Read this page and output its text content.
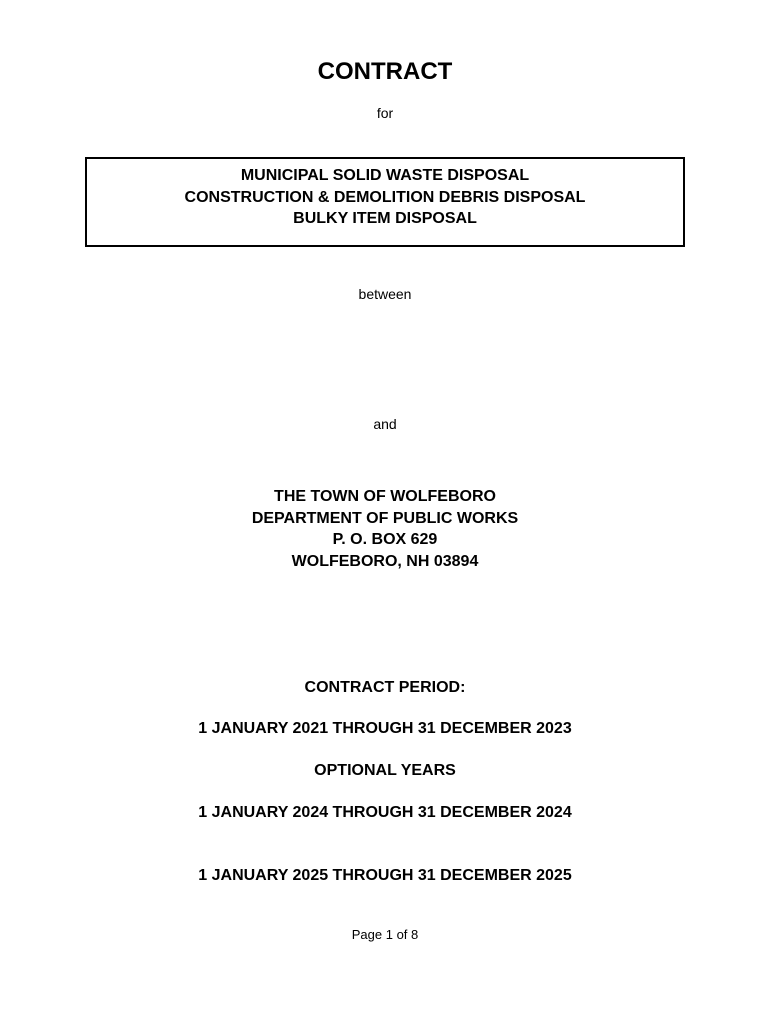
CONTRACT
for
MUNICIPAL SOLID WASTE DISPOSAL
CONSTRUCTION & DEMOLITION DEBRIS DISPOSAL
BULKY ITEM DISPOSAL
between
and
THE TOWN OF WOLFEBORO
DEPARTMENT OF PUBLIC WORKS
P. O. BOX 629
WOLFEBORO, NH 03894
CONTRACT PERIOD:
1 JANUARY 2021 THROUGH 31 DECEMBER 2023
OPTIONAL YEARS
1 JANUARY 2024 THROUGH 31 DECEMBER 2024
1 JANUARY 2025 THROUGH 31 DECEMBER 2025
Page 1 of 8
